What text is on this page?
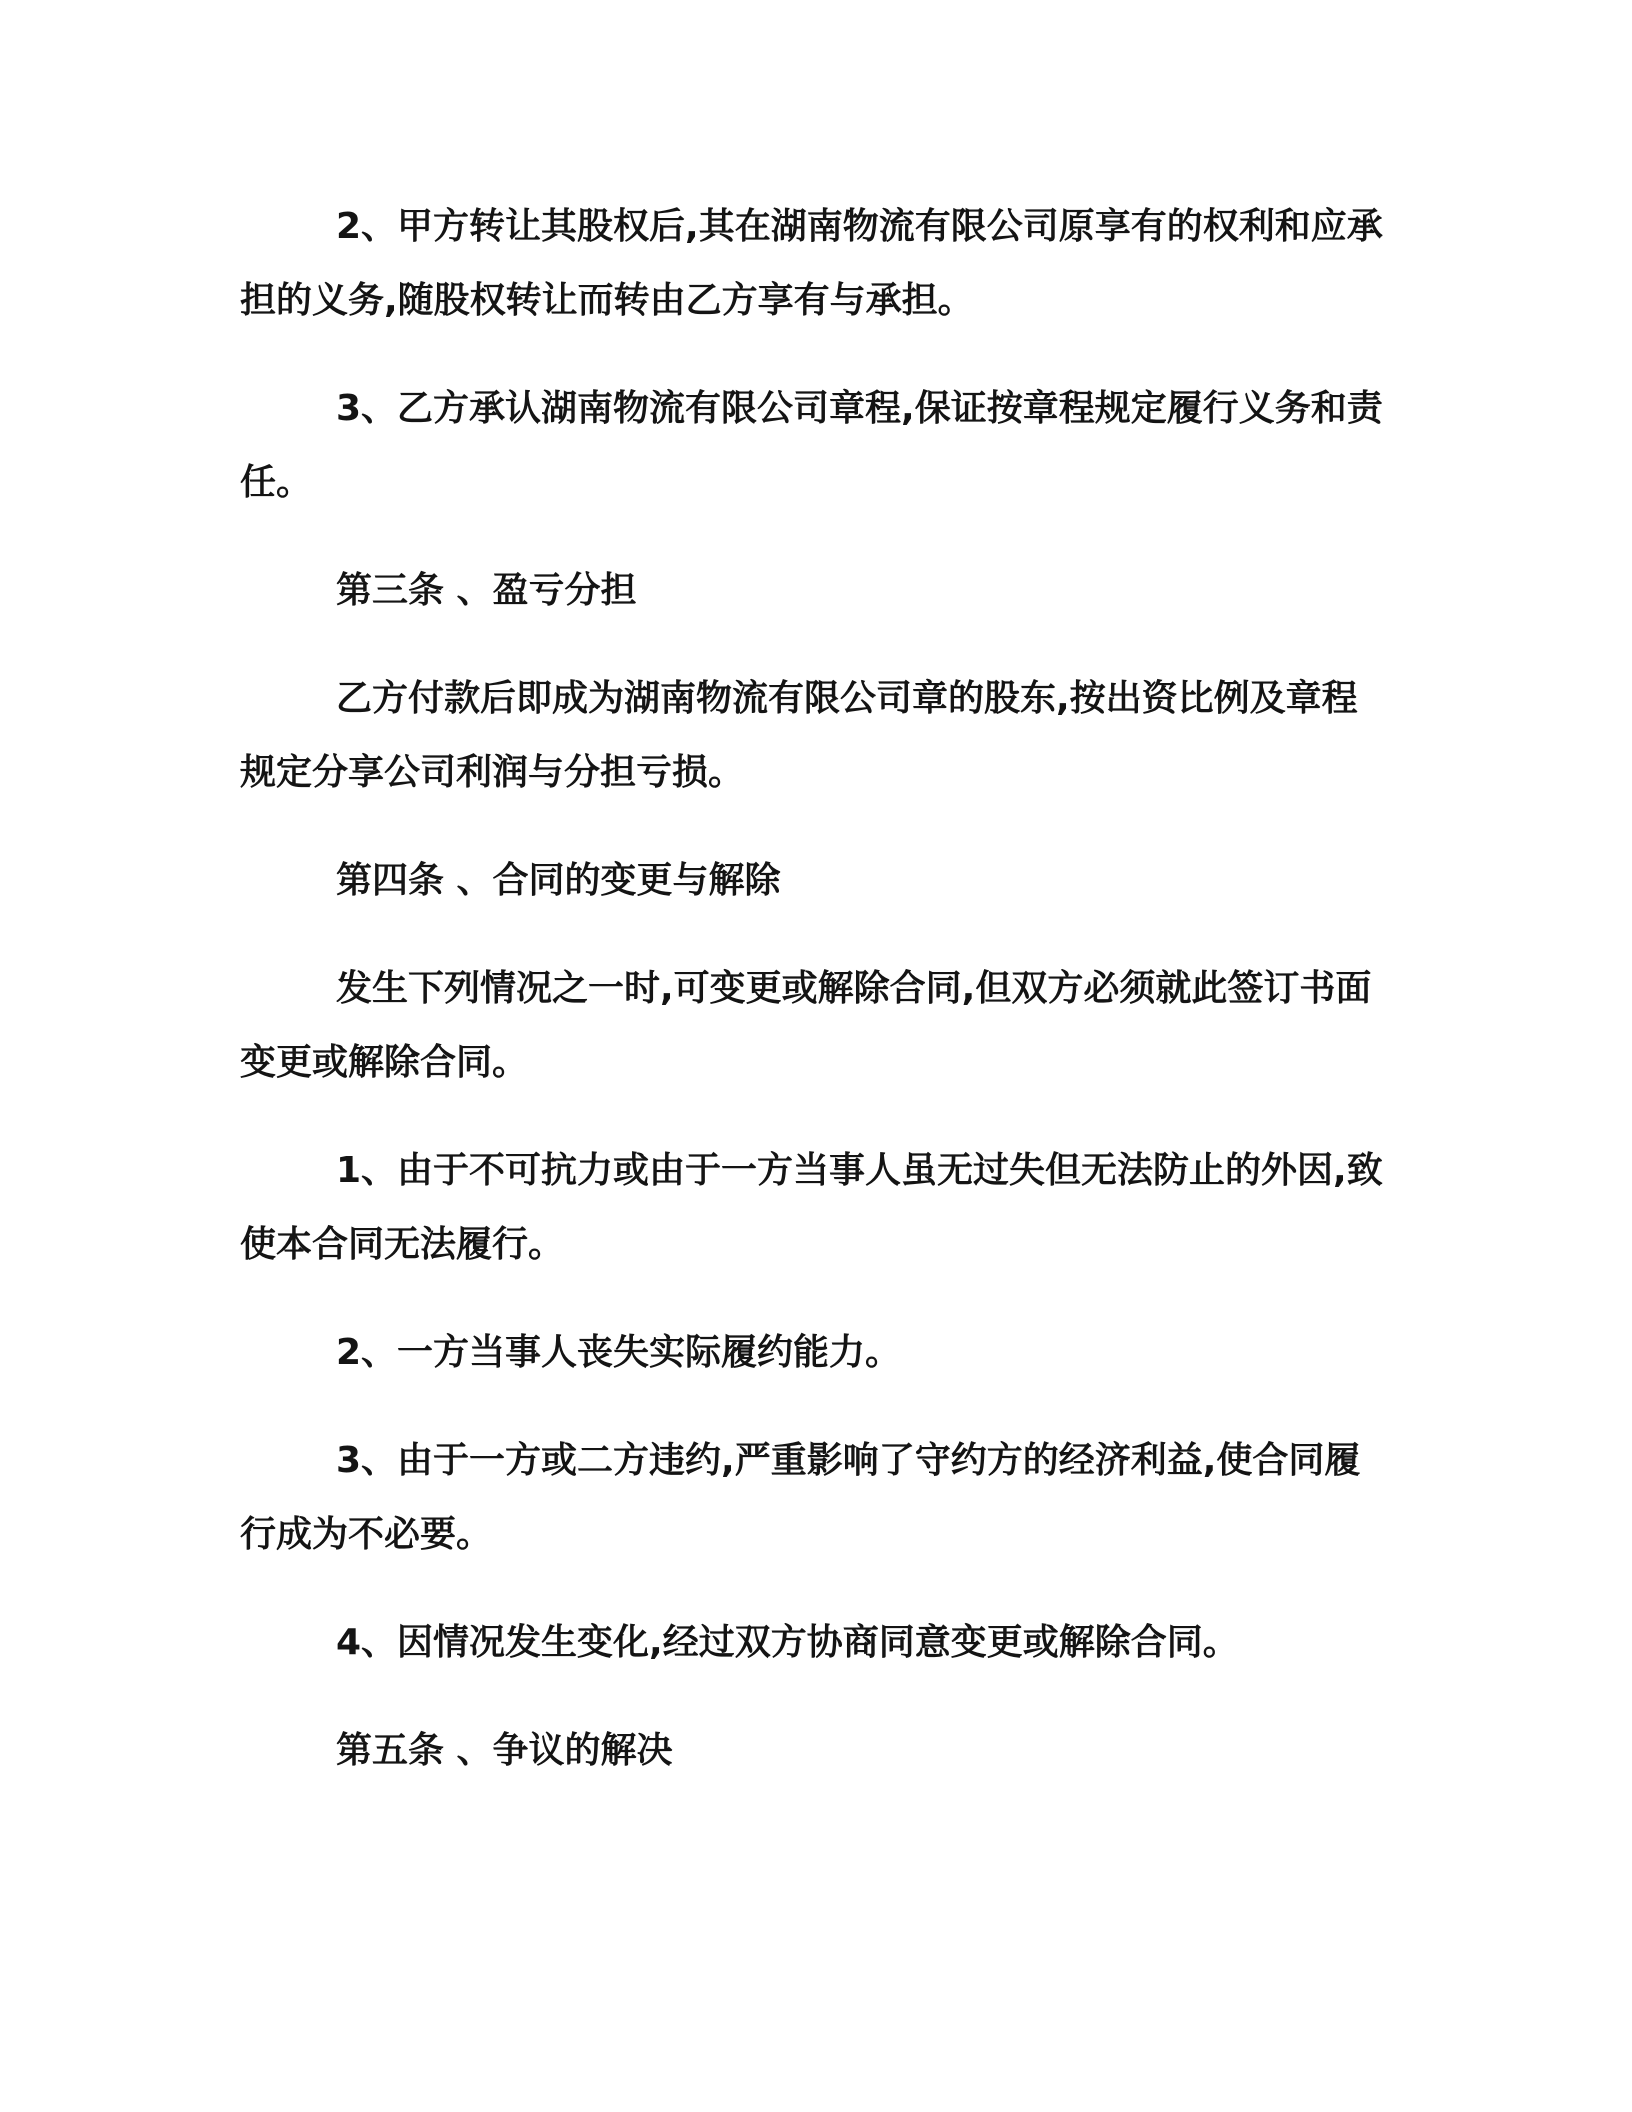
2、甲方转让其股权后,其在湖南物流有限公司原享有的权利和应承担的义务,随股权转让而转由乙方享有与承担。

3、乙方承认湖南物流有限公司章程,保证按章程规定履行义务和责任。

第三条 、盈亏分担

乙方付款后即成为湖南物流有限公司章的股东,按出资比例及章程规定分享公司利润与分担亏损。

第四条 、合同的变更与解除

发生下列情况之一时,可变更或解除合同,但双方必须就此签订书面变更或解除合同。

1、由于不可抗力或由于一方当事人虽无过失但无法防止的外因,致使本合同无法履行。

2、一方当事人丧失实际履约能力。

3、由于一方或二方违约,严重影响了守约方的经济利益,使合同履行成为不必要。

4、因情况发生变化,经过双方协商同意变更或解除合同。

第五条 、争议的解决
